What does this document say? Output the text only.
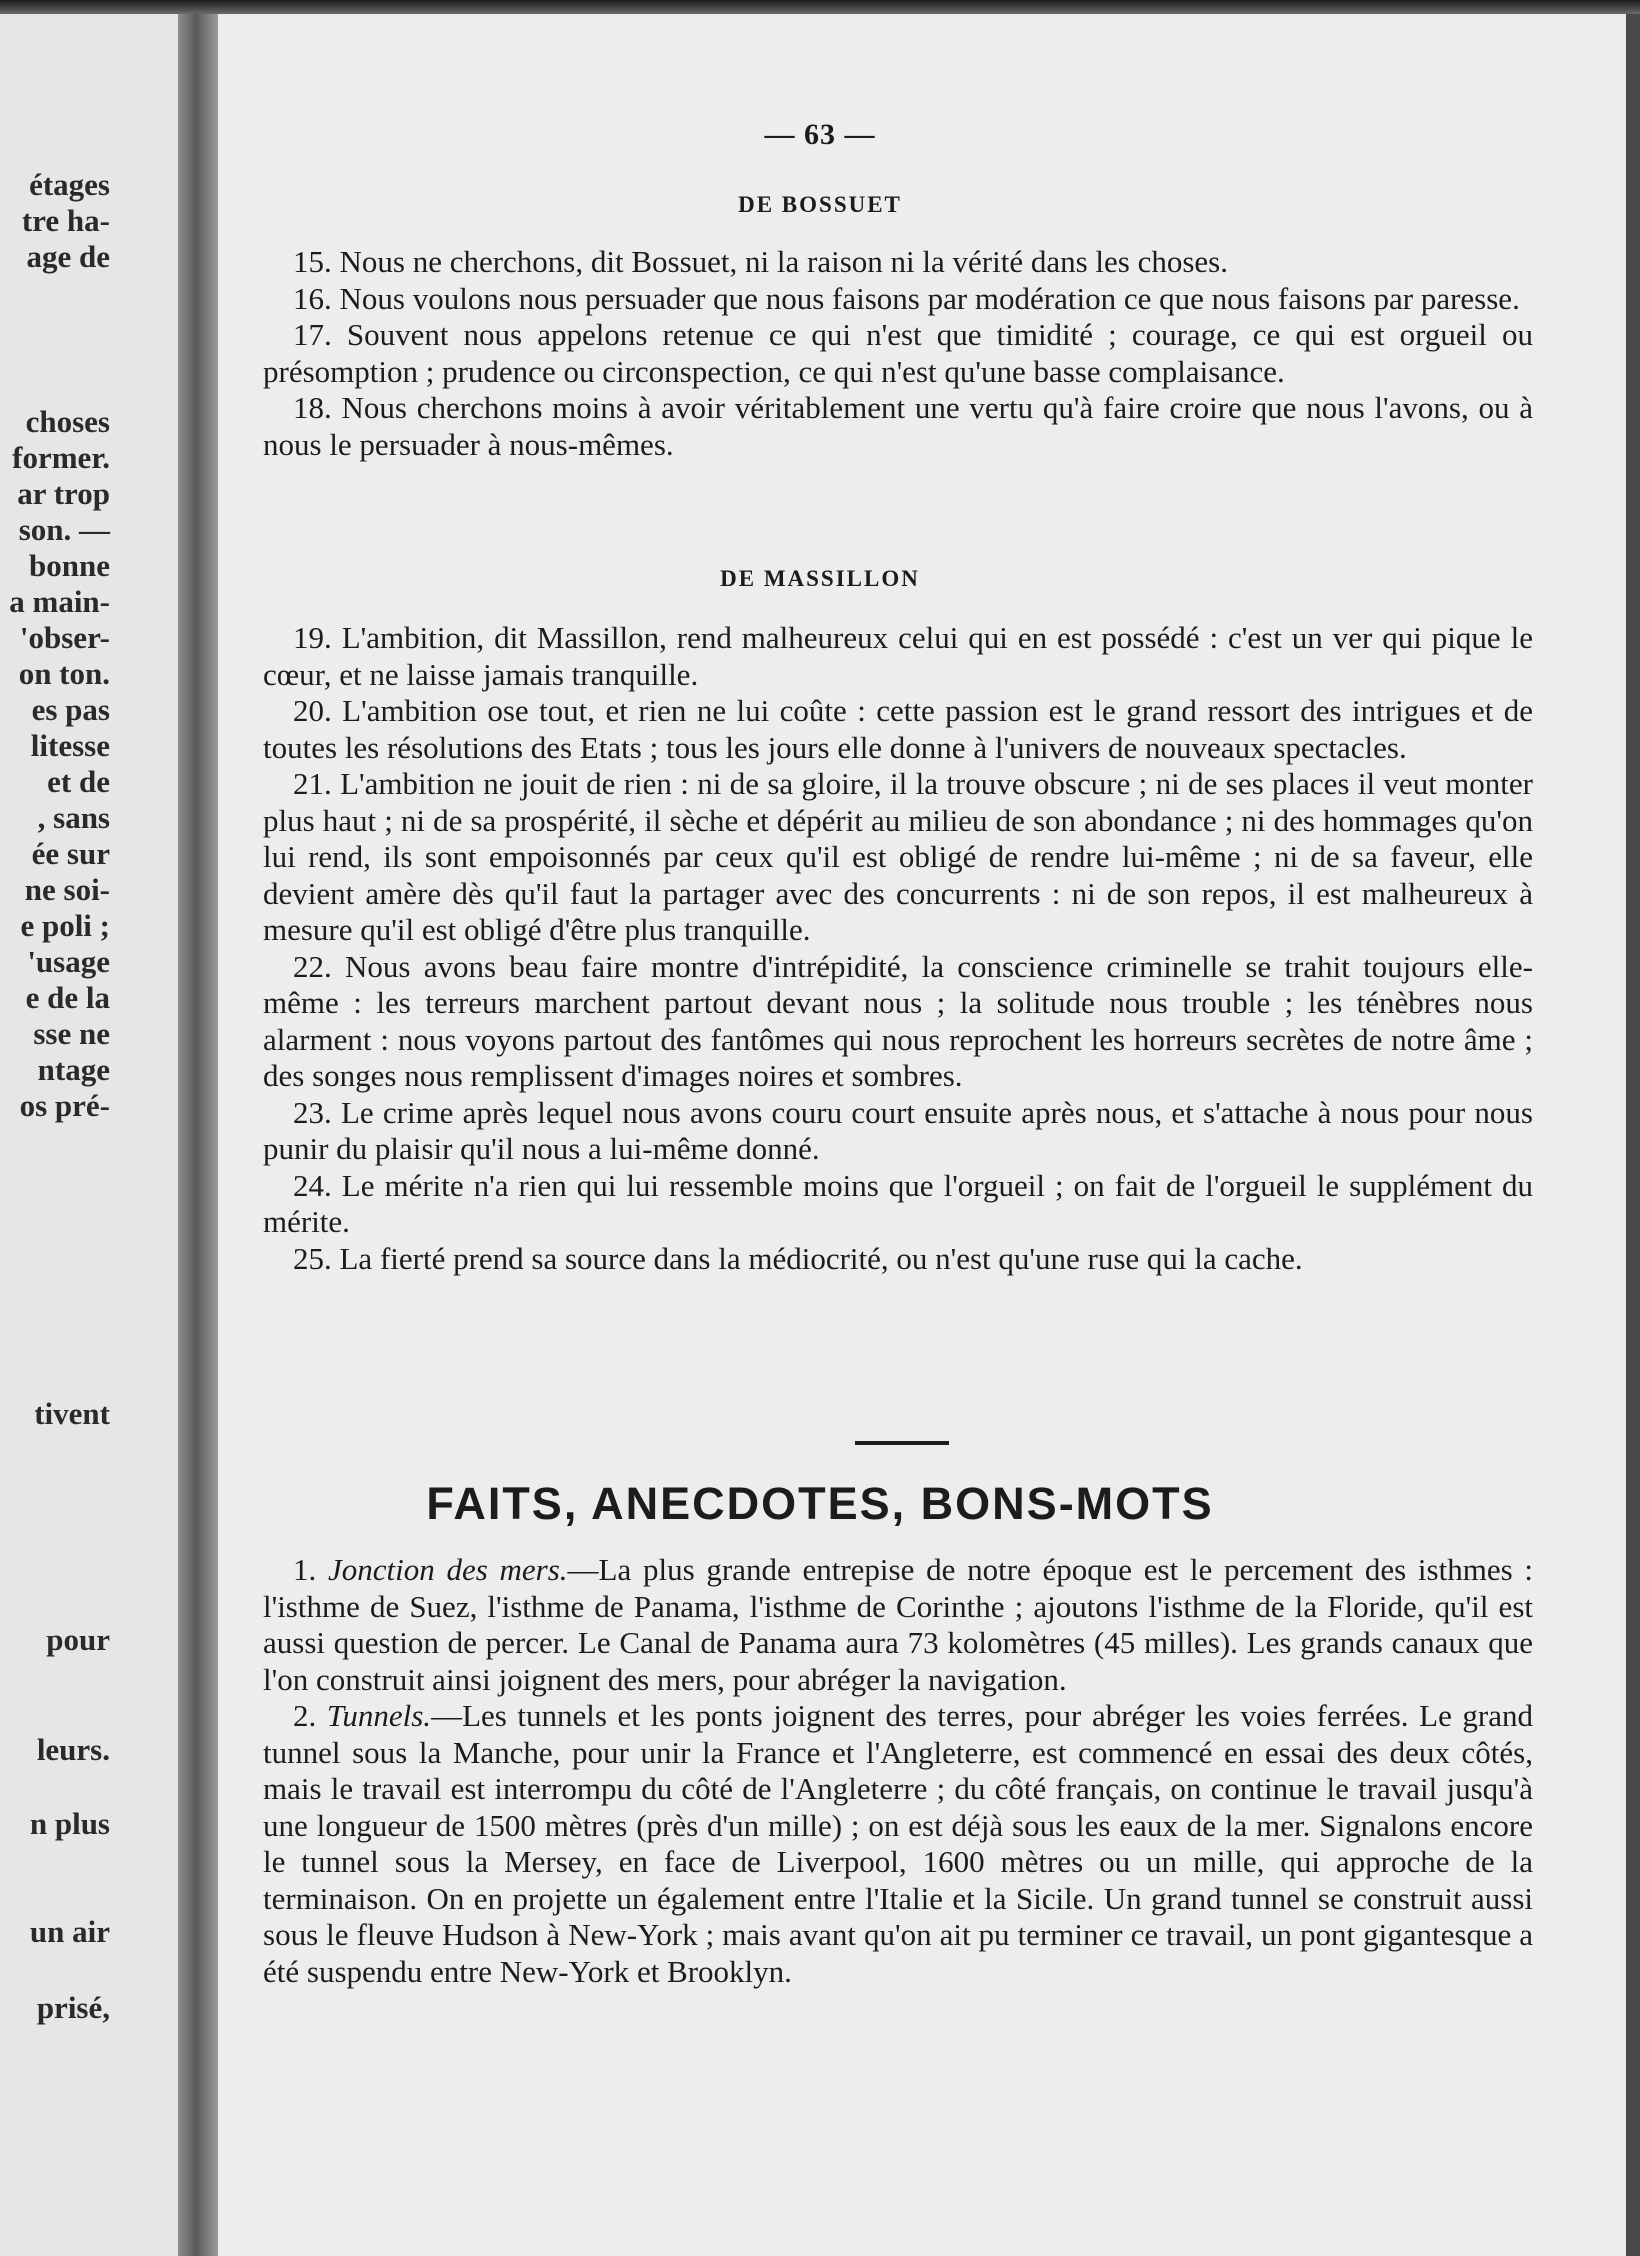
étages
tre ha-
age de
choses
former.
ar trop
son. —
bonne
a main-
'obser-
on ton.
es pas
litesse
et de
, sans
ée sur
ne soi-
e poli ;
'usage
e de la
sse ne
ntage
os pré-
tivent
pour
leurs.
n plus
un air
prisé,
— 63 —
DE BOSSUET

15. Nous ne cherchons, dit Bossuet, ni la raison ni la vérité dans les choses.

16. Nous voulons nous persuader que nous faisons par modération ce que nous faisons par paresse.

17. Souvent nous appelons retenue ce qui n'est que timidité ; courage, ce qui est orgueil ou présomption ; prudence ou circonspection, ce qui n'est qu'une basse complaisance.

18. Nous cherchons moins à avoir véritablement une vertu qu'à faire croire que nous l'avons, ou à nous le persuader à nous-mêmes.

DE MASSILLON

19. L'ambition, dit Massillon, rend malheureux celui qui en est possédé : c'est un ver qui pique le cœur, et ne laisse jamais tranquille.

20. L'ambition ose tout, et rien ne lui coûte : cette passion est le grand ressort des intrigues et de toutes les résolutions des Etats ; tous les jours elle donne à l'univers de nouveaux spectacles.

21. L'ambition ne jouit de rien : ni de sa gloire, il la trouve obscure ; ni de ses places il veut monter plus haut ; ni de sa prospérité, il sèche et dépérit au milieu de son abondance ; ni des hommages qu'on lui rend, ils sont empoisonnés par ceux qu'il est obligé de rendre lui-même ; ni de sa faveur, elle devient amère dès qu'il faut la partager avec des concurrents : ni de son repos, il est malheureux à mesure qu'il est obligé d'être plus tranquille.

22. Nous avons beau faire montre d'intrépidité, la conscience criminelle se trahit toujours elle-même : les terreurs marchent partout devant nous ; la solitude nous trouble ; les ténèbres nous alarment : nous voyons partout des fantômes qui nous reprochent les horreurs secrètes de notre âme ; des songes nous remplissent d'images noires et sombres.

23. Le crime après lequel nous avons couru court ensuite après nous, et s'attache à nous pour nous punir du plaisir qu'il nous a lui-même donné.

24. Le mérite n'a rien qui lui ressemble moins que l'orgueil ; on fait de l'orgueil le supplément du mérite.

25. La fierté prend sa source dans la médiocrité, ou n'est qu'une ruse qui la cache.

FAITS, ANECDOTES, BONS-MOTS

1. Jonction des mers.—La plus grande entrepise de notre époque est le percement des isthmes : l'isthme de Suez, l'isthme de Panama, l'isthme de Corinthe ; ajoutons l'isthme de la Floride, qu'il est aussi question de percer. Le Canal de Panama aura 73 kolomètres (45 milles). Les grands canaux que l'on construit ainsi joignent des mers, pour abréger la navigation.

2. Tunnels.—Les tunnels et les ponts joignent des terres, pour abréger les voies ferrées. Le grand tunnel sous la Manche, pour unir la France et l'Angleterre, est commencé en essai des deux côtés, mais le travail est interrompu du côté de l'Angleterre ; du côté français, on continue le travail jusqu'à une longueur de 1500 mètres (près d'un mille) ; on est déjà sous les eaux de la mer. Signalons encore le tunnel sous la Mersey, en face de Liverpool, 1600 mètres ou un mille, qui approche de la terminaison. On en projette un également entre l'Italie et la Sicile. Un grand tunnel se construit aussi sous le fleuve Hudson à New-York ; mais avant qu'on ait pu terminer ce travail, un pont gigantesque a été suspendu entre New-York et Brooklyn.
